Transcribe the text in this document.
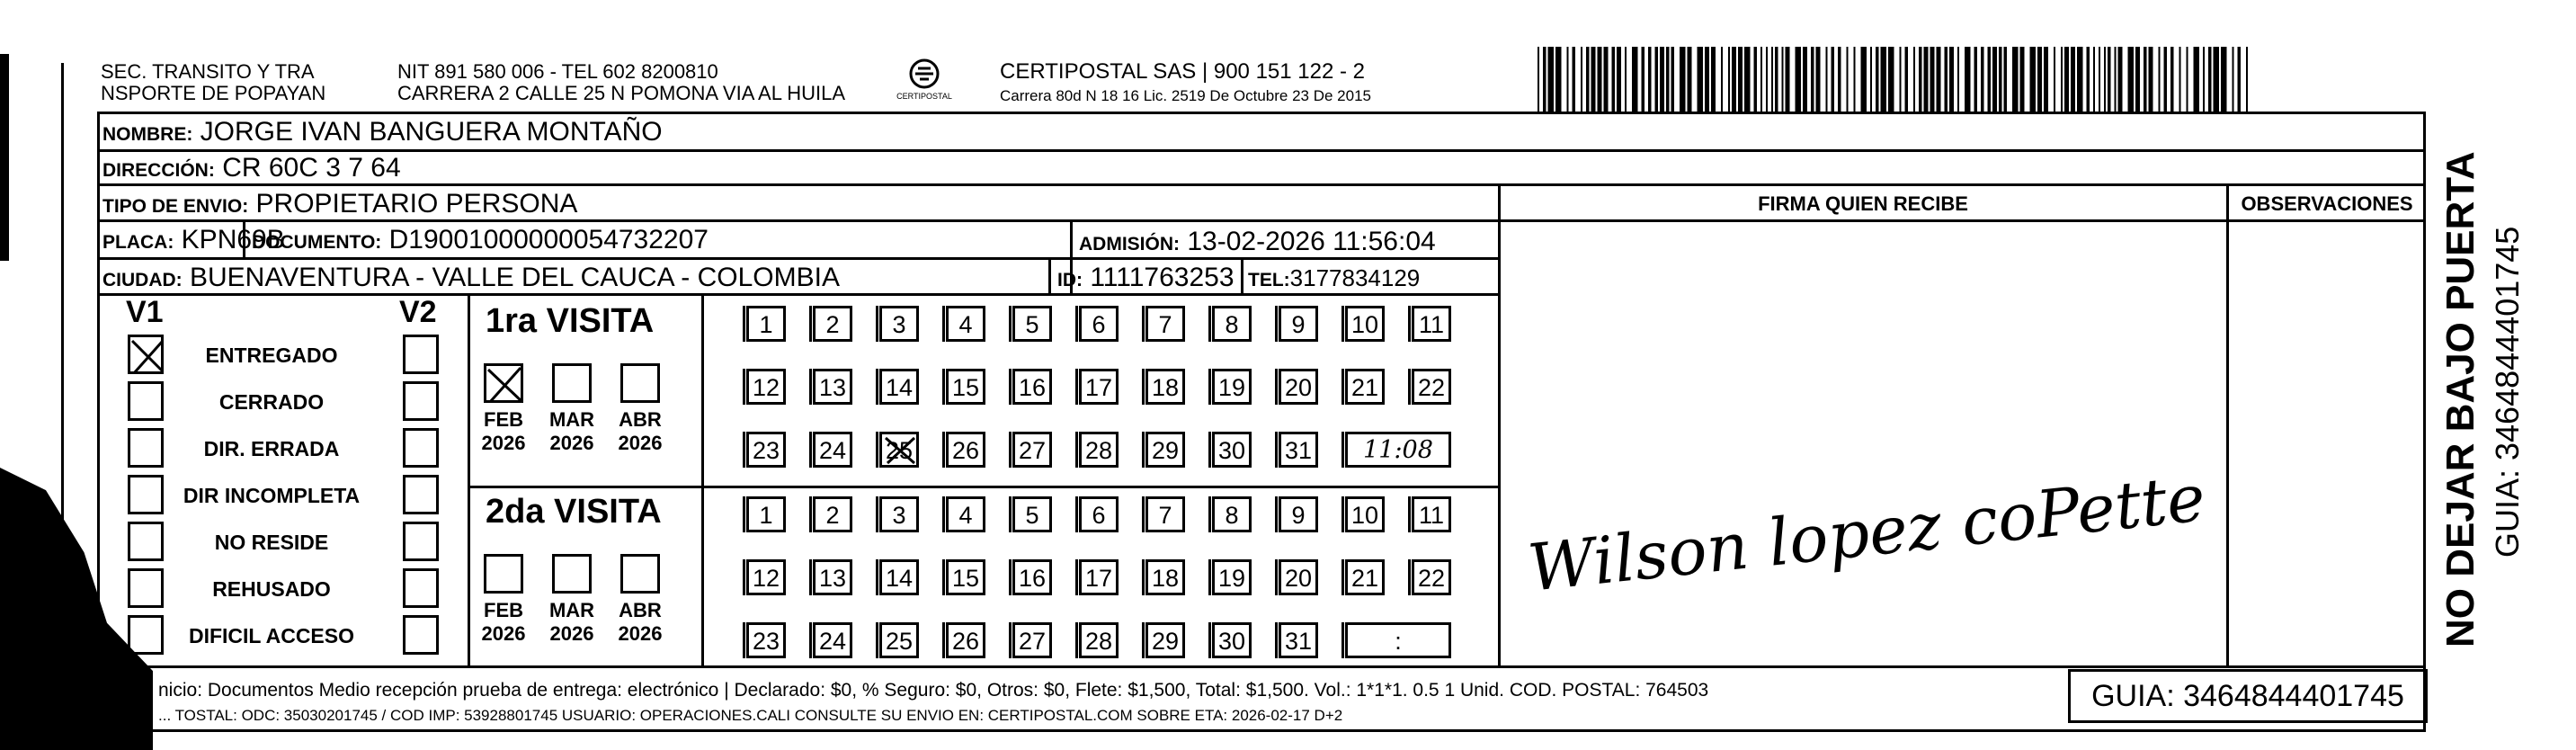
SEC. TRANSITO Y TRA
NSPORTE DE POPAYAN
NIT 891 580 006 - TEL 602 8200810
CARRERA 2 CALLE 25 N POMONA VIA AL HUILA	CERTIPOSTAL
CERTIPOSTAL SAS | 900 151 122 - 2
Carrera 80d N 18 16 Lic. 2519 De Octubre 23 De 2015
NOMBRE: JORGE IVAN BANGUERA MONTAÑO
DIRECCIÓN: CR 60C 3 7 64
TIPO DE ENVIO: PROPIETARIO PERSONA
PLACA: KPN69B
DOCUMENTO: D19001000000054732207	ADMISIÓN: 13-02-2026 11:56:04
CIUDAD: BUENAVENTURA - VALLE DEL CAUCA - COLOMBIA	ID: 1111763253 TEL:3177834129
FIRMA QUIEN RECIBE	OBSERVACIONES
ENTREGADO
CERRADO
DIR. ERRADA
DIR INCOMPLETA
NO RESIDE
REHUSADO
DIFICIL ACCESO
V1	V2 1ra VISITA
2da VISITA
FEB
2026
MAR
2026
ABR
2026
1	2	3	4	5	6	7	8	9	10 11
12 13 14 15 16 17 18 19 20 21 22
23 24 25 26 27 28 29 30 31	11:08
FEB
2026
MAR
2026
ABR
2026
1	2	3	4	5	6	7	8	9	10 11
12 13 14 15 16 17 18 19 20 21 22
23 24 25 26 27 28 29 30 31	:
Wilson lopez coPette
nicio: Documentos Medio recepción prueba de entrega: electrónico | Declarado: $0, % Seguro: $0, Otros: $0, Flete: $1,500, Total: $1,500. Vol.: 1*1*1. 0.5 1 Unid. COD. POSTAL: 764503
... TOSTAL: ODC: 35030201745 / COD IMP: 53928801745 USUARIO: OPERACIONES.CALI CONSULTE SU ENVIO EN: CERTIPOSTAL.COM SOBRE ETA: 2026-02-17 D+2
GUIA: 3464844401745
NO DEJAR BAJO PUERTA GUIA: 3464844401745
